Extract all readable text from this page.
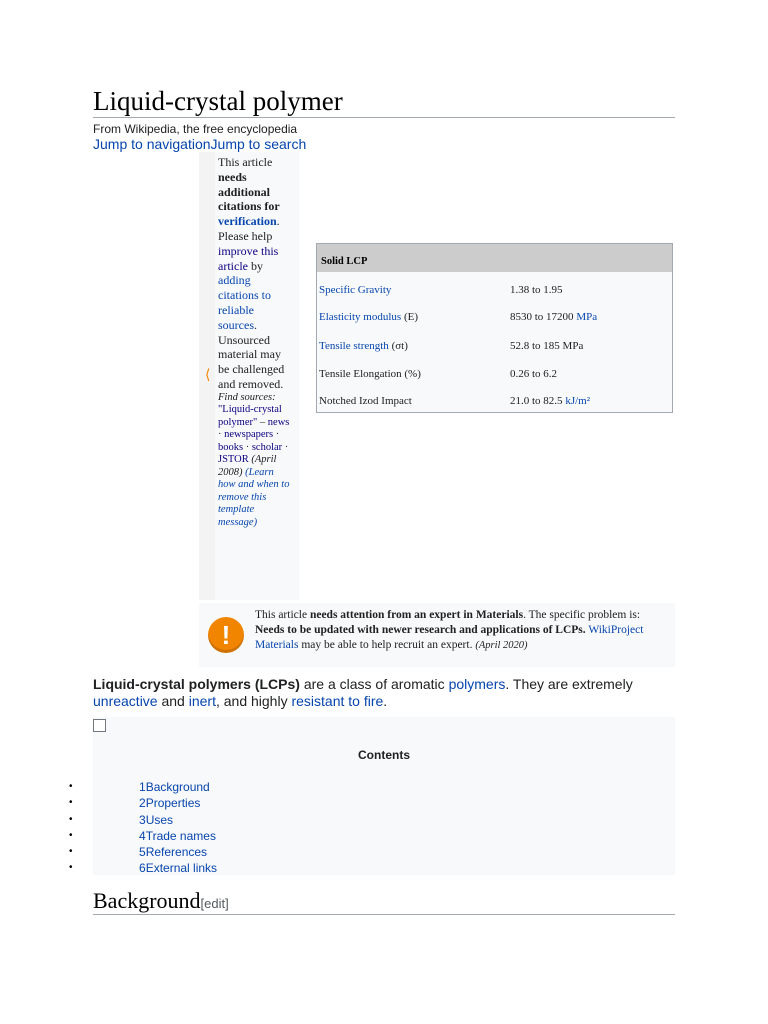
Liquid-crystal polymer
From Wikipedia, the free encyclopedia
Jump to navigationJump to search
⟨
This article needs additional citations for verification. Please help improve this article by adding citations to reliable sources. Unsourced material may be challenged and removed.
Find sources: "Liquid-crystal polymer" – news · newspapers · books · scholar · JSTOR (April 2008) (Learn how and when to remove this template message)
Solid LCP
Specific Gravity	1.38 to 1.95
Elasticity modulus (E)	8530 to 17200 MPa
Tensile strength (σt)	52.8 to 185 MPa
Tensile Elongation (%)	0.26 to 6.2
Notched Izod Impact	21.0 to 82.5 kJ/m²
!
This article needs attention from an expert in Materials. The specific problem is: Needs to be updated with newer research and applications of LCPs. WikiProject Materials may be able to help recruit an expert. (April 2020)
Liquid-crystal polymers (LCPs) are a class of aromatic polymers. They are extremely unreactive and inert, and highly resistant to fire.
Contents
•	1Background
•	2Properties
•	3Uses
•	4Trade names
•	5References
•	6External links
Background[edit]
